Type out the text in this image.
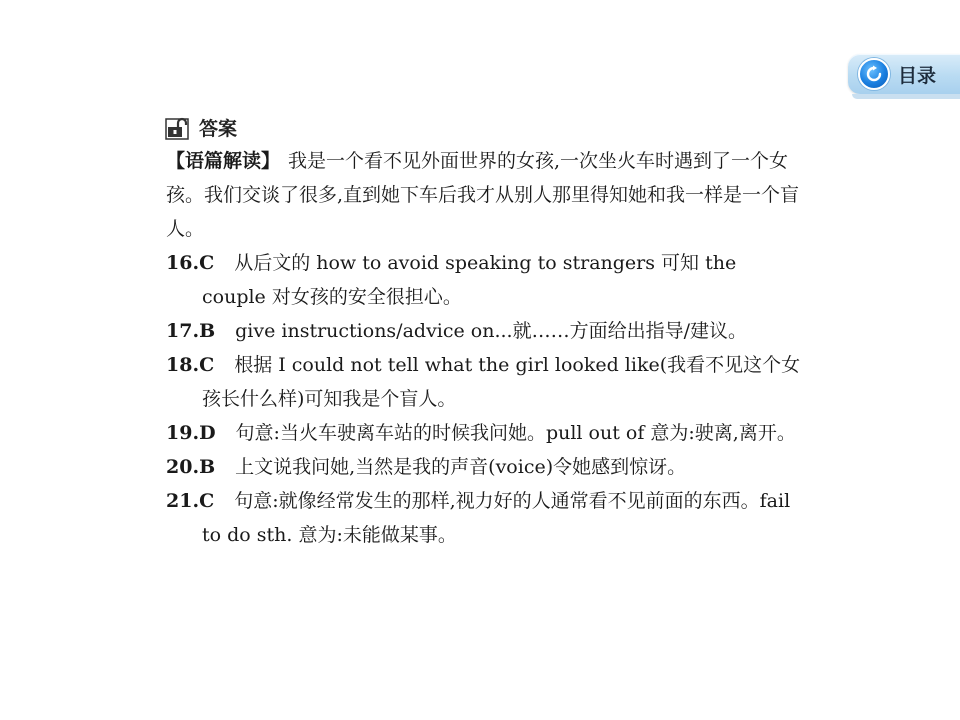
目录
答案

【语篇解读】 我是一个看不见外面世界的女孩,一次坐火车时遇到了一个女孩。我们交谈了很多,直到她下车后我才从别人那里得知她和我一样是一个盲人。

16.C 从后文的 how to avoid speaking to strangers 可知 the couple 对女孩的安全很担心。
17.B give instructions/advice on...就……方面给出指导/建议。
18.C 根据 I could not tell what the girl looked like(我看不见这个女孩长什么样)可知我是个盲人。
19.D 句意:当火车驶离车站的时候我问她。pull out of 意为:驶离,离开。
20.B 上文说我问她,当然是我的声音(voice)令她感到惊讶。
21.C 句意:就像经常发生的那样,视力好的人通常看不见前面的东西。fail to do sth. 意为:未能做某事。
